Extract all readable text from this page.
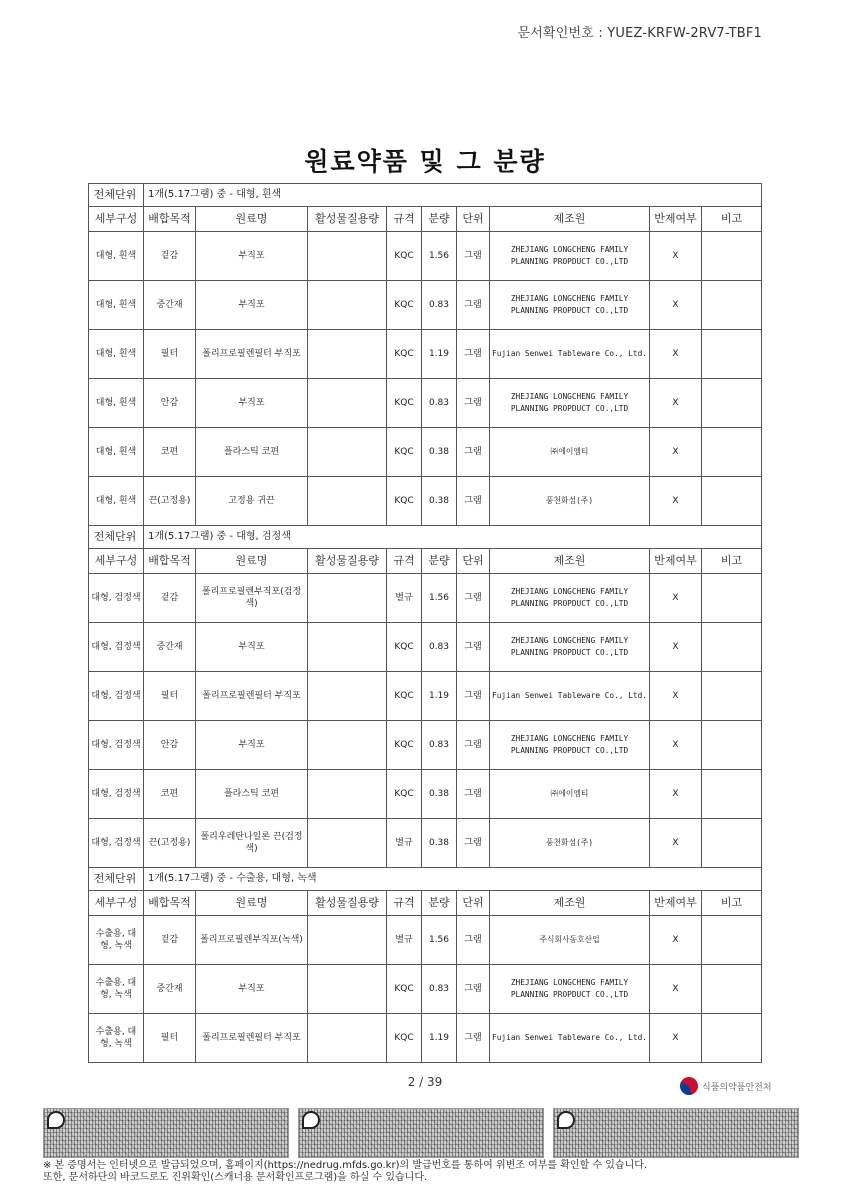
문서확인번호 : YUEZ-KRFW-2RV7-TBF1
원료약품 및 그 분량
전체단위	1개(5.17그램) 중 - 대형, 흰색								
세부구성	배합목적	원료명	활성물질용량	규격	분량	단위	제조원	반제여부	비고
대형, 흰색	겉감	부직포		KQC	1.56	그램	ZHEJIANG LONGCHENG FAMILY PLANNING PROPDUCT CO.,LTD	X	
대형, 흰색	중간재	부직포		KQC	0.83	그램	ZHEJIANG LONGCHENG FAMILY PLANNING PROPDUCT CO.,LTD	X	
대형, 흰색	필터	폴리프로필렌필터 부직포		KQC	1.19	그램	Fujian Senwei Tableware Co., Ltd.	X	
대형, 흰색	안감	부직포		KQC	0.83	그램	ZHEJIANG LONGCHENG FAMILY PLANNING PROPDUCT CO.,LTD	X	
대형, 흰색	코편	플라스틱 코편		KQC	0.38	그램	㈜에이엠티	X	
대형, 흰색	끈(고정용)	고정용 귀끈		KQC	0.38	그램	풍천화섬(주)	X	
전체단위	1개(5.17그램) 중 - 대형, 검정색								
세부구성	배합목적	원료명	활성물질용량	규격	분량	단위	제조원	반제여부	비고
대형, 검정색	겉감	폴리프로필렌부직포(검정색)		별규	1.56	그램	ZHEJIANG LONGCHENG FAMILY PLANNING PROPDUCT CO.,LTD	X	
대형, 검정색	중간재	부직포		KQC	0.83	그램	ZHEJIANG LONGCHENG FAMILY PLANNING PROPDUCT CO.,LTD	X	
대형, 검정색	필터	폴리프로필렌필터 부직포		KQC	1.19	그램	Fujian Senwei Tableware Co., Ltd.	X	
대형, 검정색	안감	부직포		KQC	0.83	그램	ZHEJIANG LONGCHENG FAMILY PLANNING PROPDUCT CO.,LTD	X	
대형, 검정색	코편	플라스틱 코편		KQC	0.38	그램	㈜에이엠티	X	
대형, 검정색	끈(고정용)	폴리우레탄나일론 끈(검정색)		별규	0.38	그램	풍천화섬(주)	X	
전체단위	1개(5.17그램) 중 - 수출용, 대형, 녹색								
세부구성	배합목적	원료명	활성물질용량	규격	분량	단위	제조원	반제여부	비고
수출용, 대형, 녹색	겉감	폴리프로필렌부직포(녹색)		별규	1.56	그램	주식회사동호산업	X	
수출용, 대형, 녹색	중간재	부직포		KQC	0.83	그램	ZHEJIANG LONGCHENG FAMILY PLANNING PROPDUCT CO.,LTD	X	
수출용, 대형, 녹색	필터	폴리프로필렌필터 부직포		KQC	1.19	그램	Fujian Senwei Tableware Co., Ltd.	X	
2 / 39	식품의약품안전처
※ 본 증명서는 인터넷으로 발급되었으며, 홈페이지(https://nedrug.mfds.go.kr)의 발급번호를 통하여 위변조 여부를 확인할 수 있습니다.
또한, 문서하단의 바코드로도 진위확인(스캐너용 문서확인프로그램)을 하실 수 있습니다.
